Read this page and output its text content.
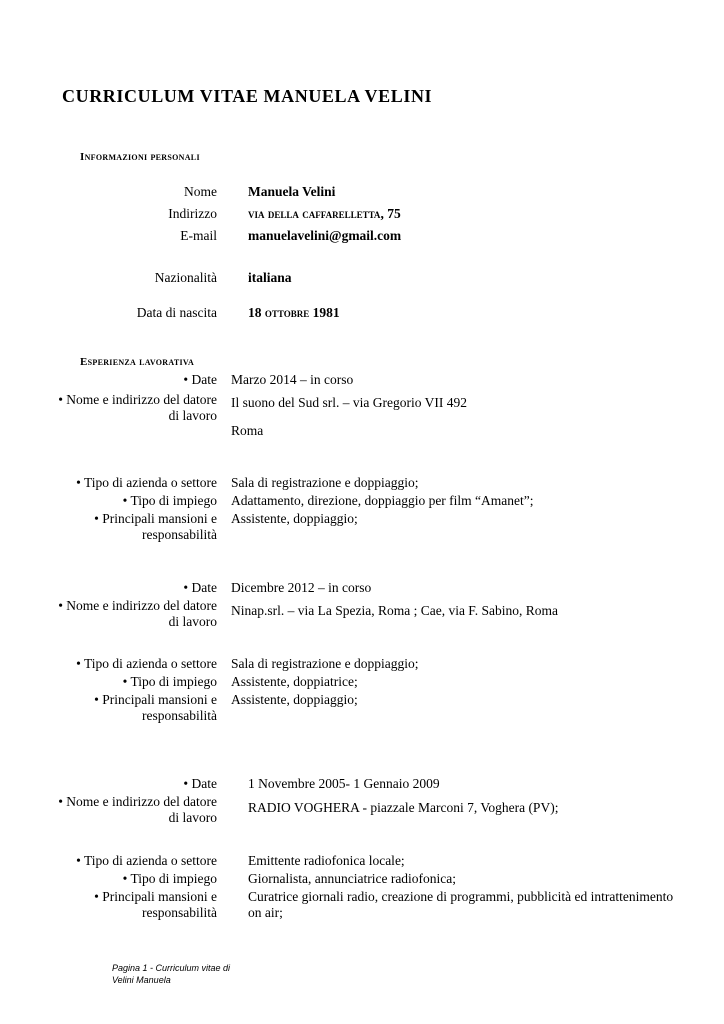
CURRICULUM VITAE MANUELA VELINI
Informazioni personali
Nome Manuela Velini
Indirizzo via della caffarelletta, 75
E-mail manuelavelini@gmail.com
Nazionalità italiana
Data di nascita 18 ottobre 1981
Esperienza lavorativa
• Date Marzo 2014 – in corso
• Nome e indirizzo del datore
di lavoro
Il suono del Sud srl. – via Gregorio VII 492
Roma
• Tipo di azienda o settore Sala di registrazione e doppiaggio;
• Tipo di impiego Adattamento, direzione, doppiaggio per film “Amanet”;
• Principali mansioni e
responsabilità
Assistente, doppiaggio;
• Date Dicembre 2012 – in corso
• Nome e indirizzo del datore
di lavoro
Ninap.srl. – via La Spezia, Roma ; Cae, via F. Sabino, Roma
• Tipo di azienda o settore Sala di registrazione e doppiaggio;
• Tipo di impiego Assistente, doppiatrice;
• Principali mansioni e
responsabilità
Assistente, doppiaggio;
• Date 1 Novembre 2005- 1 Gennaio 2009
• Nome e indirizzo del datore
di lavoro
RADIO VOGHERA - piazzale Marconi 7, Voghera (PV);
• Tipo di azienda o settore Emittente radiofonica locale;
• Tipo di impiego Giornalista, annunciatrice radiofonica;
• Principali mansioni e
responsabilità
Curatrice giornali radio, creazione di programmi, pubblicità ed intrattenimento
on air;
Pagina 1 - Curriculum vitae di
Velini Manuela
